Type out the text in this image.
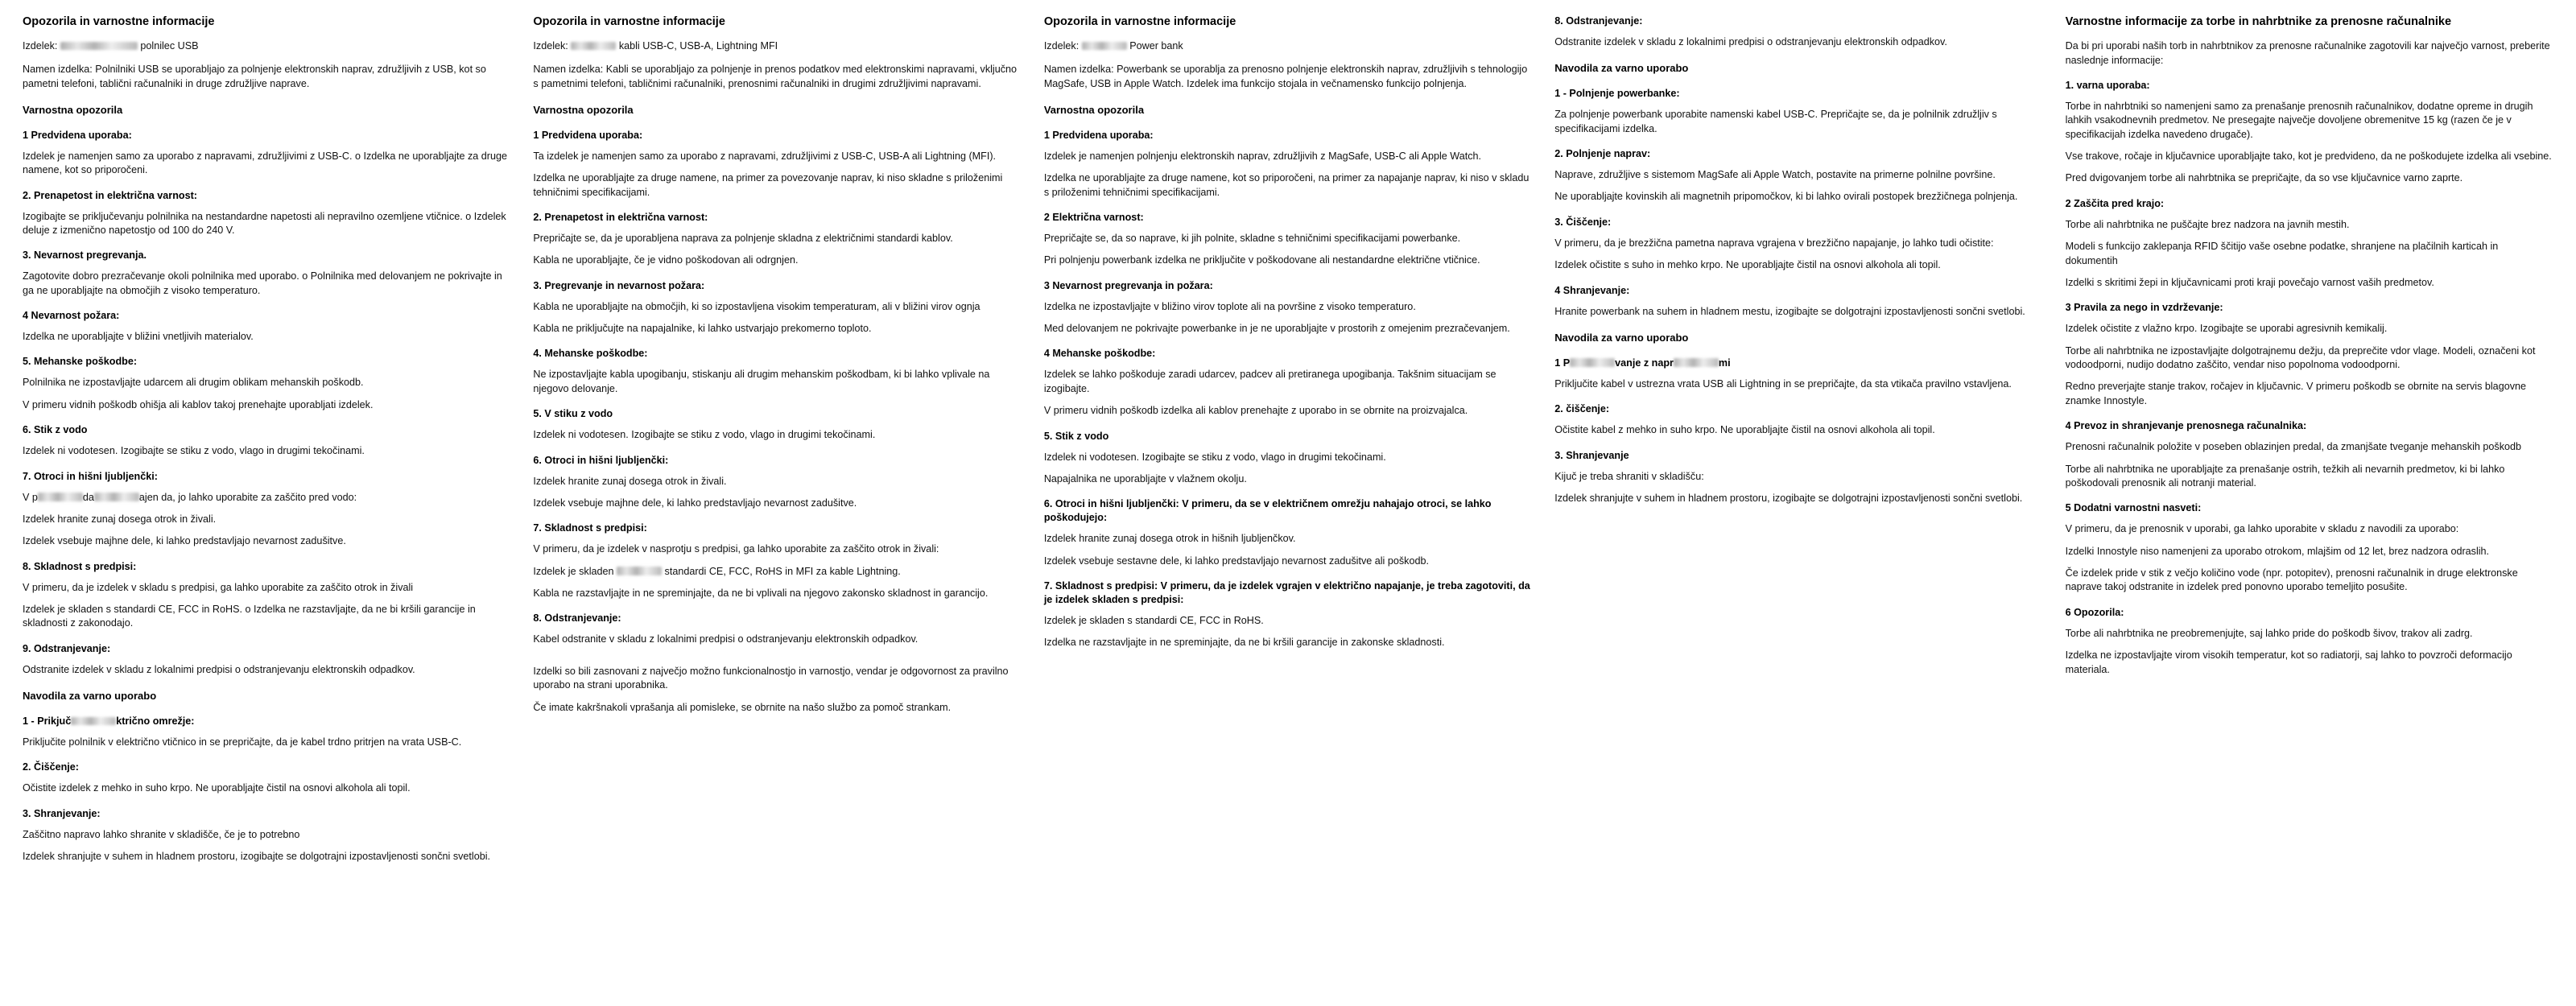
Opozorila in varnostne informacije

Izdelek:	polnilec USB

Namen izdelka: Polnilniki USB se uporabljajo za polnjenje elektronskih naprav, združljivih z USB, kot so pametni telefoni, tablični računalniki in druge združljive naprave.

Varnostna opozorila
1 Predvidena uporaba:

Izdelek je namenjen samo za uporabo z napravami, združljivimi z USB-C. o Izdelka ne uporabljajte za druge namene, kot so priporočeni.

2. Prenapetost in električna varnost:

Izogibajte se priključevanju polnilnika na nestandardne napetosti ali nepravilno ozemljene vtičnice. o Izdelek deluje z izmenično napetostjo od 100 do 240 V.

3. Nevarnost pregrevanja.

Zagotovite dobro prezračevanje okoli polnilnika med uporabo. o Polnilnika med delovanjem ne pokrivajte in ga ne uporabljajte na območjih z visoko temperaturo.

4 Nevarnost požara:

Izdelka ne uporabljajte v bližini vnetljivih materialov.

5. Mehanske poškodbe:

Polnilnika ne izpostavljajte udarcem ali drugim oblikam mehanskih poškodb.

V primeru vidnih poškodb ohišja ali kablov takoj prenehajte uporabljati izdelek.

6. Stik z vodo

Izdelek ni vodotesen. Izogibajte se stiku z vodo, vlago in drugimi tekočinami.

7. Otroci in hišni ljubljenčki:

V p	da	ajen da, jo lahko uporabite za zaščito pred vodo:

Izdelek hranite zunaj dosega otrok in živali.

Izdelek vsebuje majhne dele, ki lahko predstavljajo nevarnost zadušitve.

8. Skladnost s predpisi:

V primeru, da je izdelek v skladu s predpisi, ga lahko uporabite za zaščito otrok in živali

Izdelek je skladen s standardi CE, FCC in RoHS. o Izdelka ne razstavljajte, da ne bi kršili garancije in skladnosti z zakonodajo.

9. Odstranjevanje:

Odstranite izdelek v skladu z lokalnimi predpisi o odstranjevanju elektronskih odpadkov.

Navodila za varno uporabo
1 - Prikjuč	ktrično omrežje:

Priključite polnilnik v električno vtičnico in se prepričajte, da je kabel trdno pritrjen na vrata USB-C.

2. Čiščenje:

Očistite izdelek z mehko in suho krpo. Ne uporabljajte čistil na osnovi alkohola ali topil.

3. Shranjevanje:

Zaščitno napravo lahko shranite v skladišče, če je to potrebno

Izdelek shranjujte v suhem in hladnem prostoru, izogibajte se dolgotrajni izpostavljenosti sončni svetlobi.

Opozorila in varnostne informacije

Izdelek:	kabli USB-C, USB-A, Lightning MFI

Namen izdelka: Kabli se uporabljajo za polnjenje in prenos podatkov med elektronskimi napravami, vključno s pametnimi telefoni, tabličnimi računalniki, prenosnimi računalniki in drugimi združljivimi napravami.

Varnostna opozorila
1 Predvidena uporaba:

Ta izdelek je namenjen samo za uporabo z napravami, združljivimi z USB-C, USB-A ali Lightning (MFI).

Izdelka ne uporabljajte za druge namene, na primer za povezovanje naprav, ki niso skladne s priloženimi tehničnimi specifikacijami.

2. Prenapetost in električna varnost:

Prepričajte se, da je uporabljena naprava za polnjenje skladna z električnimi standardi kablov.

Kabla ne uporabljajte, če je vidno poškodovan ali odrgnjen.

3. Pregrevanje in nevarnost požara:

Kabla ne uporabljajte na območjih, ki so izpostavljena visokim temperaturam, ali v bližini virov ognja

Kabla ne priključujte na napajalnike, ki lahko ustvarjajo prekomerno toploto.

4. Mehanske poškodbe:

Ne izpostavljajte kabla upogibanju, stiskanju ali drugim mehanskim poškodbam, ki bi lahko vplivale na njegovo delovanje.

5. V stiku z vodo

Izdelek ni vodotesen. Izogibajte se stiku z vodo, vlago in drugimi tekočinami.

6. Otroci in hišni ljubljenčki:

Izdelek hranite zunaj dosega otrok in živali.

Izdelek vsebuje majhne dele, ki lahko predstavljajo nevarnost zadušitve.

7. Skladnost s predpisi:

V primeru, da je izdelek v nasprotju s predpisi, ga lahko uporabite za zaščito otrok in živali:

Izdelek je skladen	standardi CE, FCC, RoHS in MFI za kable Lightning.

Kabla ne razstavljajte in ne spreminjajte, da ne bi vplivali na njegovo zakonsko skladnost in garancijo.

8. Odstranjevanje:

Kabel odstranite v skladu z lokalnimi predpisi o odstranjevanju elektronskih odpadkov.

Izdelki so bili zasnovani z največjo možno funkcionalnostjo in varnostjo, vendar je odgovornost za pravilno uporabo na strani uporabnika.

Če imate kakršnakoli vprašanja ali pomisleke, se obrnite na našo službo za pomoč strankam.

Opozorila in varnostne informacije

Izdelek:	Power bank

Namen izdelka: Powerbank se uporablja za prenosno polnjenje elektronskih naprav, združljivih s tehnologijo MagSafe, USB in Apple Watch. Izdelek ima funkcijo stojala in večnamensko funkcijo polnjenja.

Varnostna opozorila
1 Predvidena uporaba:

Izdelek je namenjen polnjenju elektronskih naprav, združljivih z MagSafe, USB-C ali Apple Watch.

Izdelka ne uporabljajte za druge namene, kot so priporočeni, na primer za napajanje naprav, ki niso v skladu s priloženimi tehničnimi specifikacijami.

2 Električna varnost:

Prepričajte se, da so naprave, ki jih polnite, skladne s tehničnimi specifikacijami powerbanke.

Pri polnjenju powerbank izdelka ne priključite v poškodovane ali nestandardne električne vtičnice.

3 Nevarnost pregrevanja in požara:

Izdelka ne izpostavljajte v bližino virov toplote ali na površine z visoko temperaturo.

Med delovanjem ne pokrivajte powerbanke in je ne uporabljajte v prostorih z omejenim prezračevanjem.

4 Mehanske poškodbe:

Izdelek se lahko poškoduje zaradi udarcev, padcev ali pretiranega upogibanja. Takšnim situacijam se izogibajte.

V primeru vidnih poškodb izdelka ali kablov prenehajte z uporabo in se obrnite na proizvajalca.

5. Stik z vodo

Izdelek ni vodotesen. Izogibajte se stiku z vodo, vlago in drugimi tekočinami.

Napajalnika ne uporabljajte v vlažnem okolju.

6. Otroci in hišni ljubljenčki: V primeru, da se v električnem omrežju nahajajo otroci, se lahko poškodujejo:

Izdelek hranite zunaj dosega otrok in hišnih ljubljenčkov.

Izdelek vsebuje sestavne dele, ki lahko predstavljajo nevarnost zadušitve ali poškodb.

7. Skladnost s predpisi: V primeru, da je izdelek vgrajen v električno napajanje, je treba zagotoviti, da je izdelek skladen s predpisi:

Izdelek je skladen s standardi CE, FCC in RoHS.

Izdelka ne razstavljajte in ne spreminjajte, da ne bi kršili garancije in zakonske skladnosti.

8. Odstranjevanje:

Odstranite izdelek v skladu z lokalnimi predpisi o odstranjevanju elektronskih odpadkov.

Navodila za varno uporabo
1 - Polnjenje powerbanke:

Za polnjenje powerbank uporabite namenski kabel USB-C. Prepričajte se, da je polnilnik združljiv s specifikacijami izdelka.

2. Polnjenje naprav:

Naprave, združljive s sistemom MagSafe ali Apple Watch, postavite na primerne polnilne površine.

Ne uporabljajte kovinskih ali magnetnih pripomočkov, ki bi lahko ovirali postopek brezžičnega polnjenja.

3. Čiščenje:

V primeru, da je brezžična pametna naprava vgrajena v brezžično napajanje, jo lahko tudi očistite:

Izdelek očistite s suho in mehko krpo. Ne uporabljajte čistil na osnovi alkohola ali topil.

4 Shranjevanje:

Hranite powerbank na suhem in hladnem mestu, izogibajte se dolgotrajni izpostavljenosti sončni svetlobi.

Navodila za varno uporabo
1 P	vanje z napr	mi

Priključite kabel v ustrezna vrata USB ali Lightning in se prepričajte, da sta vtikača pravilno vstavljena.

2. čiščenje:

Očistite kabel z mehko in suho krpo. Ne uporabljajte čistil na osnovi alkohola ali topil.

3. Shranjevanje

Kijuč je treba shraniti v skladišču:

Izdelek shranjujte v suhem in hladnem prostoru, izogibajte se dolgotrajni izpostavljenosti sončni svetlobi.

Varnostne informacije za torbe in nahrbtnike za prenosne računalnike

Da bi pri uporabi naših torb in nahrbtnikov za prenosne računalnike zagotovili kar največjo varnost, preberite naslednje informacije:

1. varna uporaba:

Torbe in nahrbtniki so namenjeni samo za prenašanje prenosnih računalnikov, dodatne opreme in drugih lahkih vsakodnevnih predmetov. Ne presegajte največje dovoljene obremenitve 15 kg (razen če je v specifikacijah izdelka navedeno drugače).

Vse trakove, ročaje in ključavnice uporabljajte tako, kot je predvideno, da ne poškodujete izdelka ali vsebine.

Pred dvigovanjem torbe ali nahrbtnika se prepričajte, da so vse ključavnice varno zaprte.

2 Zaščita pred krajo:

Torbe ali nahrbtnika ne puščajte brez nadzora na javnih mestih.

Modeli s funkcijo zaklepanja RFID ščitijo vaše osebne podatke, shranjene na plačilnih karticah in dokumentih

Izdelki s skritimi žepi in ključavnicami proti kraji povečajo varnost vaših predmetov.

3 Pravila za nego in vzdrževanje:

Izdelek očistite z vlažno krpo. Izogibajte se uporabi agresivnih kemikalij.

Torbe ali nahrbtnika ne izpostavljajte dolgotrajnemu dežju, da preprečite vdor vlage. Modeli, označeni kot vodoodporni, nudijo dodatno zaščito, vendar niso popolnoma vodoodporni.

Redno preverjajte stanje trakov, ročajev in ključavnic. V primeru poškodb se obrnite na servis blagovne znamke Innostyle.

4 Prevoz in shranjevanje prenosnega računalnika:

Prenosni računalnik položite v poseben oblazinjen predal, da zmanjšate tveganje mehanskih poškodb

Torbe ali nahrbtnika ne uporabljajte za prenašanje ostrih, težkih ali nevarnih predmetov, ki bi lahko poškodovali prenosnik ali notranji material.

5 Dodatni varnostni nasveti:

V primeru, da je prenosnik v uporabi, ga lahko uporabite v skladu z navodili za uporabo:

Izdelki Innostyle niso namenjeni za uporabo otrokom, mlajšim od 12 let, brez nadzora odraslih.

Če izdelek pride v stik z večjo količino vode (npr. potopitev), prenosni računalnik in druge elektronske naprave takoj odstranite in izdelek pred ponovno uporabo temeljito posušite.

6 Opozorila:

Torbe ali nahrbtnika ne preobremenjujte, saj lahko pride do poškodb šivov, trakov ali zadrg.

Izdelka ne izpostavljajte virom visokih temperatur, kot so radiatorji, saj lahko to povzroči deformacijo materiala.
